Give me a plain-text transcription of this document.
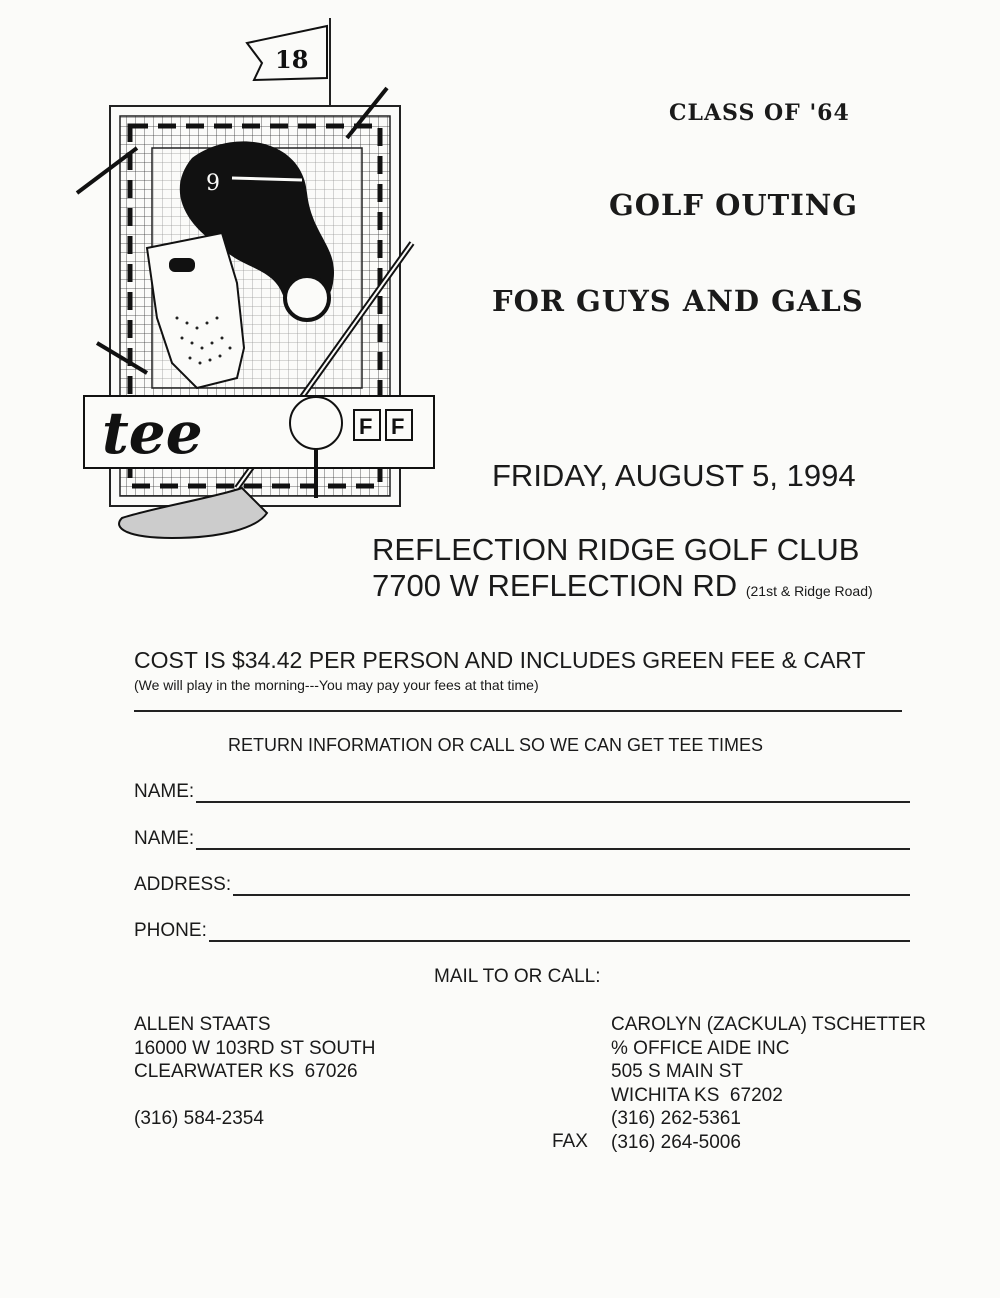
9
18
tee	F F
CLASS OF '64
GOLF OUTING
FOR GUYS AND GALS
FRIDAY, AUGUST 5, 1994
REFLECTION RIDGE GOLF CLUB
7700 W REFLECTION RD (21st & Ridge Road)
COST IS $34.42 PER PERSON AND INCLUDES GREEN FEE & CART
(We will play in the morning---You may pay your fees at that time)
RETURN INFORMATION OR CALL SO WE CAN GET TEE TIMES
NAME:
NAME:
ADDRESS:
PHONE:
MAIL TO OR CALL:
ALLEN STAATS
16000 W 103RD ST SOUTH
CLEARWATER KS  67026
(316) 584-2354
CAROLYN (ZACKULA) TSCHETTER
% OFFICE AIDE INC
505 S MAIN ST
WICHITA KS  67202
(316) 262-5361
(316) 264-5006
FAX
